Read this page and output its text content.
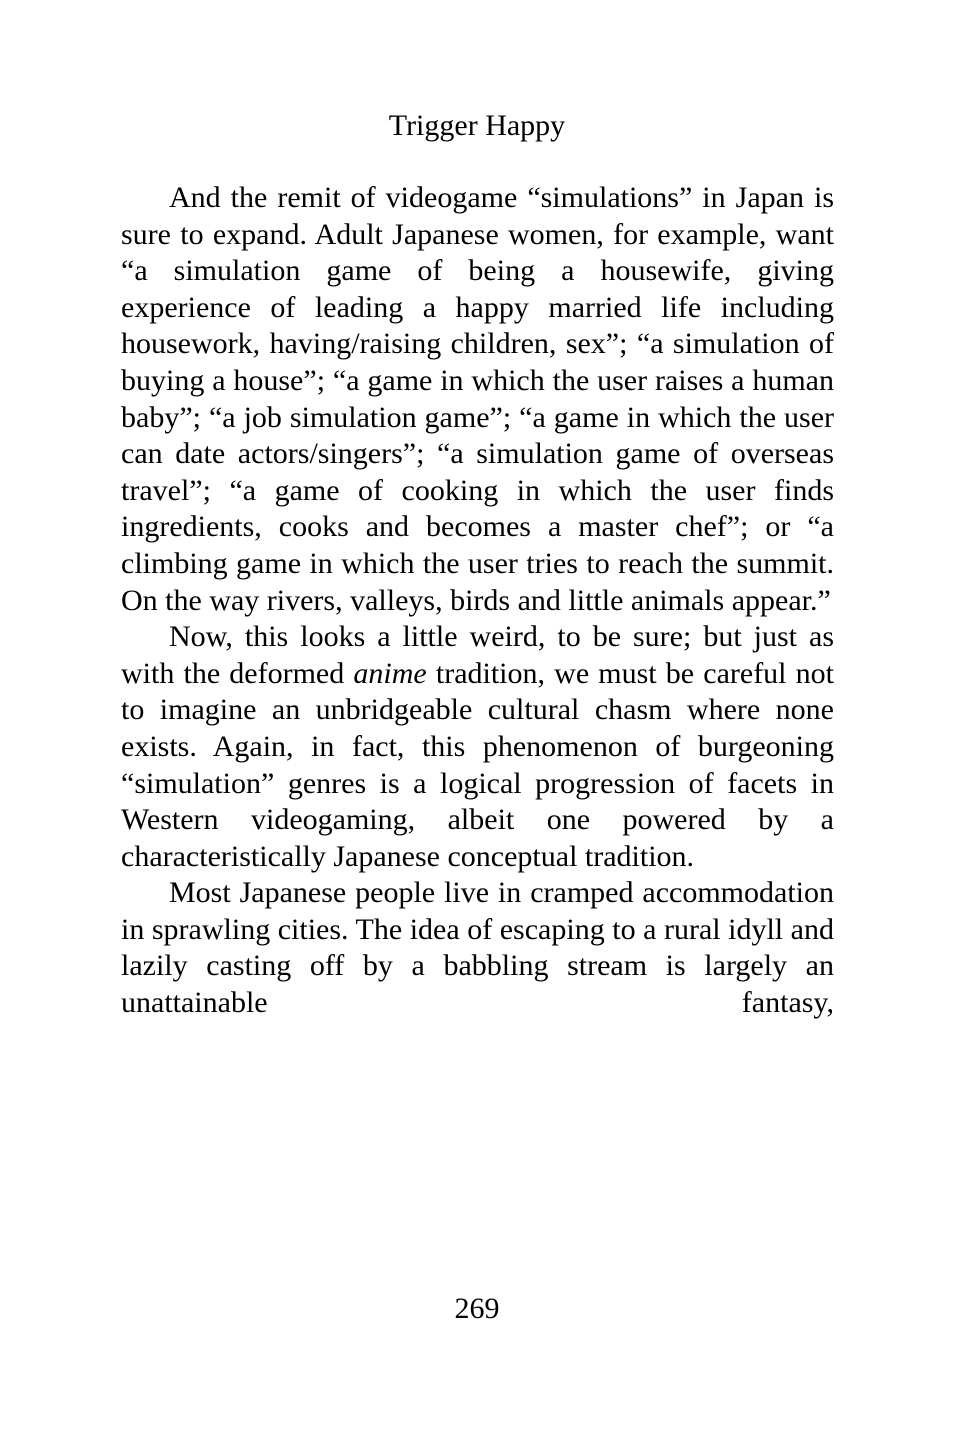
Trigger Happy

And the remit of videogame “simulations” in Japan is sure to expand. Adult Japanese women, for example, want “a simulation game of being a housewife, giving experience of leading a happy married life including housework, having/raising children, sex”; “a simulation of buying a house”; “a game in which the user raises a human baby”; “a job simulation game”; “a game in which the user can date actors/singers”; “a simulation game of overseas travel”; “a game of cooking in which the user finds ingredients, cooks and becomes a master chef”; or “a climbing game in which the user tries to reach the summit. On the way rivers, valleys, birds and little animals appear.”

Now, this looks a little weird, to be sure; but just as with the deformed anime tradition, we must be careful not to imagine an unbridgeable cultural chasm where none exists. Again, in fact, this phenomenon of burgeoning “simulation” genres is a logical progression of facets in Western videogaming, albeit one powered by a characteristically Japanese conceptual tradition.

Most Japanese people live in cramped accommodation in sprawling cities. The idea of escaping to a rural idyll and lazily casting off by a babbling stream is largely an unattainable fantasy,

269
